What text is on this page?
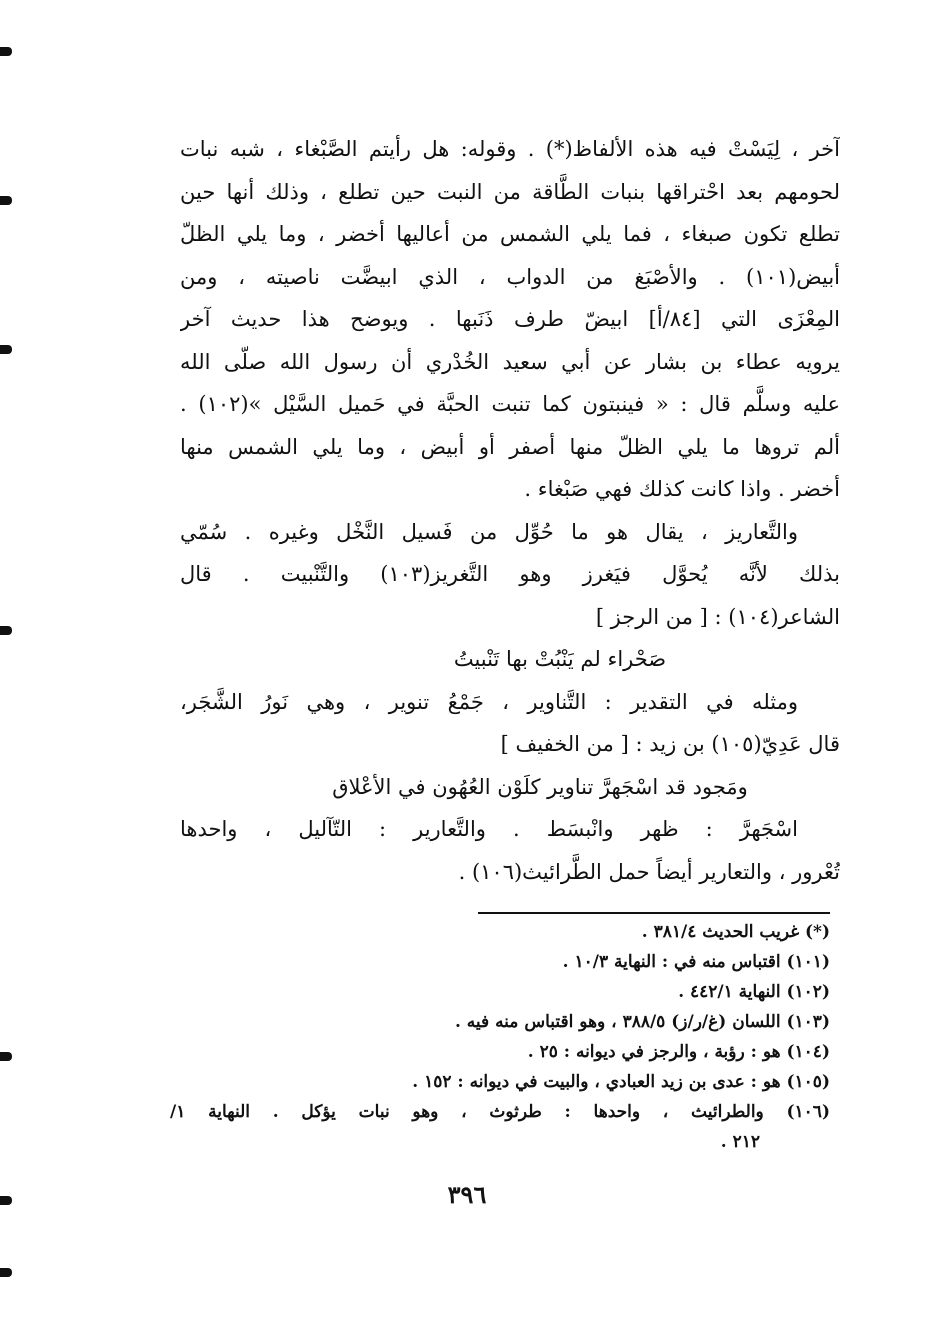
آخر ، لِيَسْتْ فيه هذه الألفاظ(*) . وقوله: هل رأيتم الصَّبْغاء ، شبه نبات
لحومهم بعد احْتراقها بنبات الطَّاقة من النبت حين تطلع ، وذلك أنها حين
تطلع تكون صبغاء ، فما يلي الشمس من أعاليها أخضر ، وما يلي الظلّ
أبيض(١٠١) . والأصْبَغ من الدواب ، الذي ابيضَّت ناصيته ، ومن
المِعْزَى التي [٨٤/أ] ابيضّ طرف ذَنَبها . ويوضح هذا حديث آخر
يرويه عطاء بن بشار عن أبي سعيد الخُدْري أن رسول الله صلّى الله
عليه وسلَّم قال : « فينبتون كما تنبت الحبَّة في حَميل السَّيْل »(١٠٢) .
ألم تروها ما يلي الظلّ منها أصفر أو أبيض ، وما يلي الشمس منها
أخضر . واذا كانت كذلك فهي صَبْغاء .
والتَّعاريز ، يقال هو ما حُوِّل من فَسيل النَّخْل وغيره . سُمّي
بذلك لأنَّه يُحوَّل فيَغرز وهو التَّغريز(١٠٣) والتَّنْبيت . قال
الشاعر(١٠٤) : [ من الرجز ]
صَحْراء لم يَنْبُتْ بها تَنْبيتُ
ومثله في التقدير : التَّناوير ، جَمْعُ تنوير ، وهي نَورُ الشَّجَر،
قال عَدِيّ(١٠٥) بن زيد : [ من الخفيف ]
ومَجود قد اسْجَهرَّ تناوير كلَوْن العُهُون في الأعْلاق
اسْجَهرَّ : ظهر وانْبسَط . والتَّعارير : التّآليل ، واحدها
تُعْرور ، والتعارير أيضاً حمل الطَّرائيث(١٠٦) .
(*) غريب الحديث ٣٨١/٤ .
(١٠١) اقتباس منه في : النهاية ١٠/٣ .
(١٠٢) النهاية ٤٤٢/١ .
(١٠٣) اللسان (غ/ر/ز) ٣٨٨/٥ ، وهو اقتباس منه فيه .
(١٠٤) هو : رؤبة ، والرجز في ديوانه : ٢٥ .
(١٠٥) هو : عدى بن زيد العبادي ، والبيت في ديوانه : ١٥٢ .
(١٠٦) والطرائيث ، واحدها : طرثوث ، وهو نبات يؤكل . النهاية ١/
٢١٢ .
٣٩٦
